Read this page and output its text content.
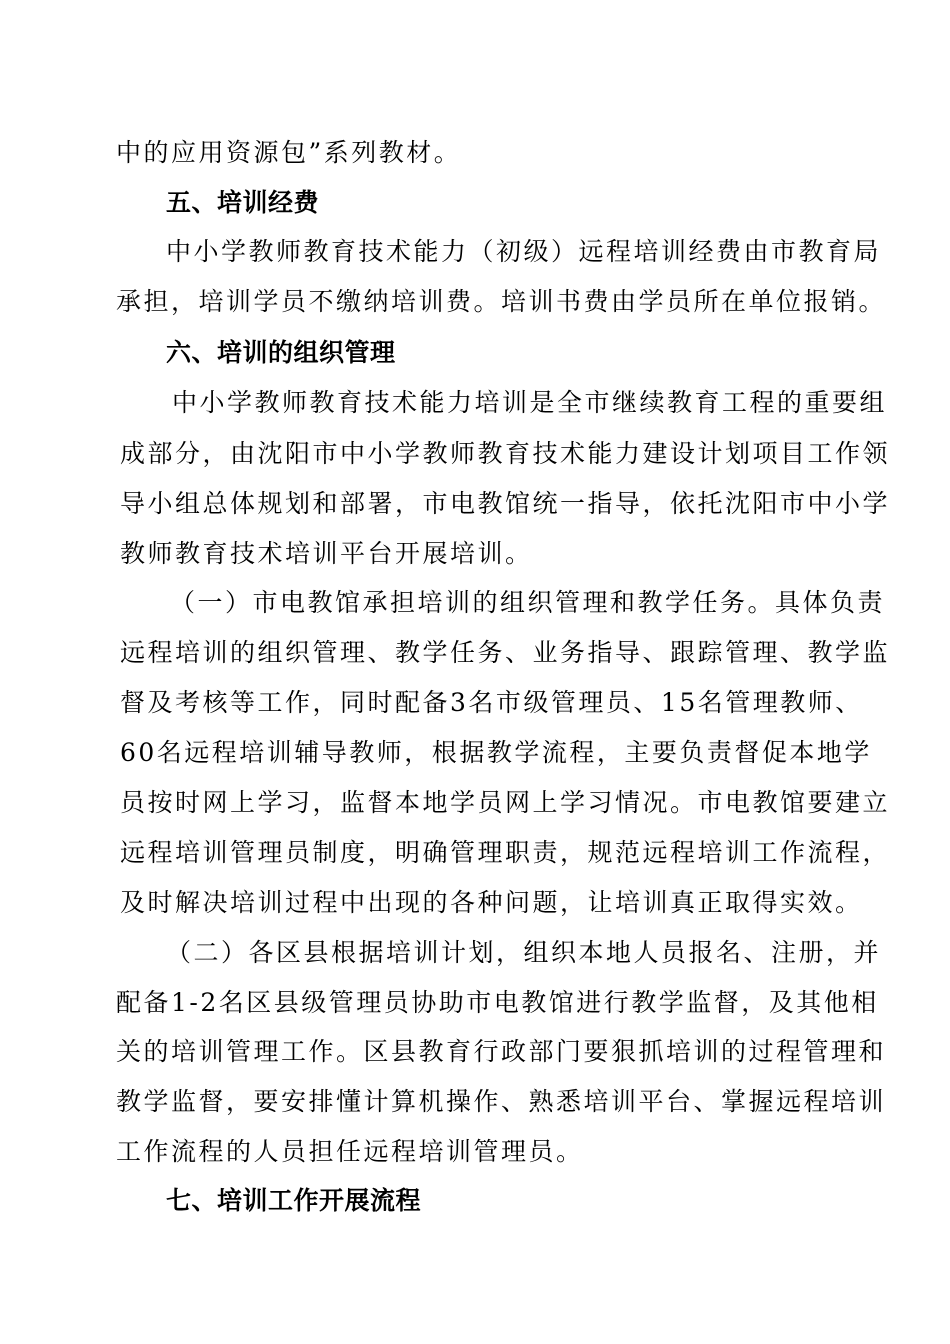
中的应用资源包”系列教材。
五、培训经费
中小学教师教育技术能力（初级）远程培训经费由市教育局
承担，培训学员不缴纳培训费。培训书费由学员所在单位报销。
六、培训的组织管理
中小学教师教育技术能力培训是全市继续教育工程的重要组
成部分，由沈阳市中小学教师教育技术能力建设计划项目工作领
导小组总体规划和部署，市电教馆统一指导，依托沈阳市中小学
教师教育技术培训平台开展培训。
（一）市电教馆承担培训的组织管理和教学任务。具体负责
远程培训的组织管理、教学任务、业务指导、跟踪管理、教学监
督及考核等工作，同时配备3名市级管理员、15名管理教师、
60名远程培训辅导教师，根据教学流程，主要负责督促本地学
员按时网上学习，监督本地学员网上学习情况。市电教馆要建立
远程培训管理员制度，明确管理职责，规范远程培训工作流程，
及时解决培训过程中出现的各种问题，让培训真正取得实效。
（二）各区县根据培训计划，组织本地人员报名、注册，并
配备1-2名区县级管理员协助市电教馆进行教学监督，及其他相
关的培训管理工作。区县教育行政部门要狠抓培训的过程管理和
教学监督，要安排懂计算机操作、熟悉培训平台、掌握远程培训
工作流程的人员担任远程培训管理员。
七、培训工作开展流程
